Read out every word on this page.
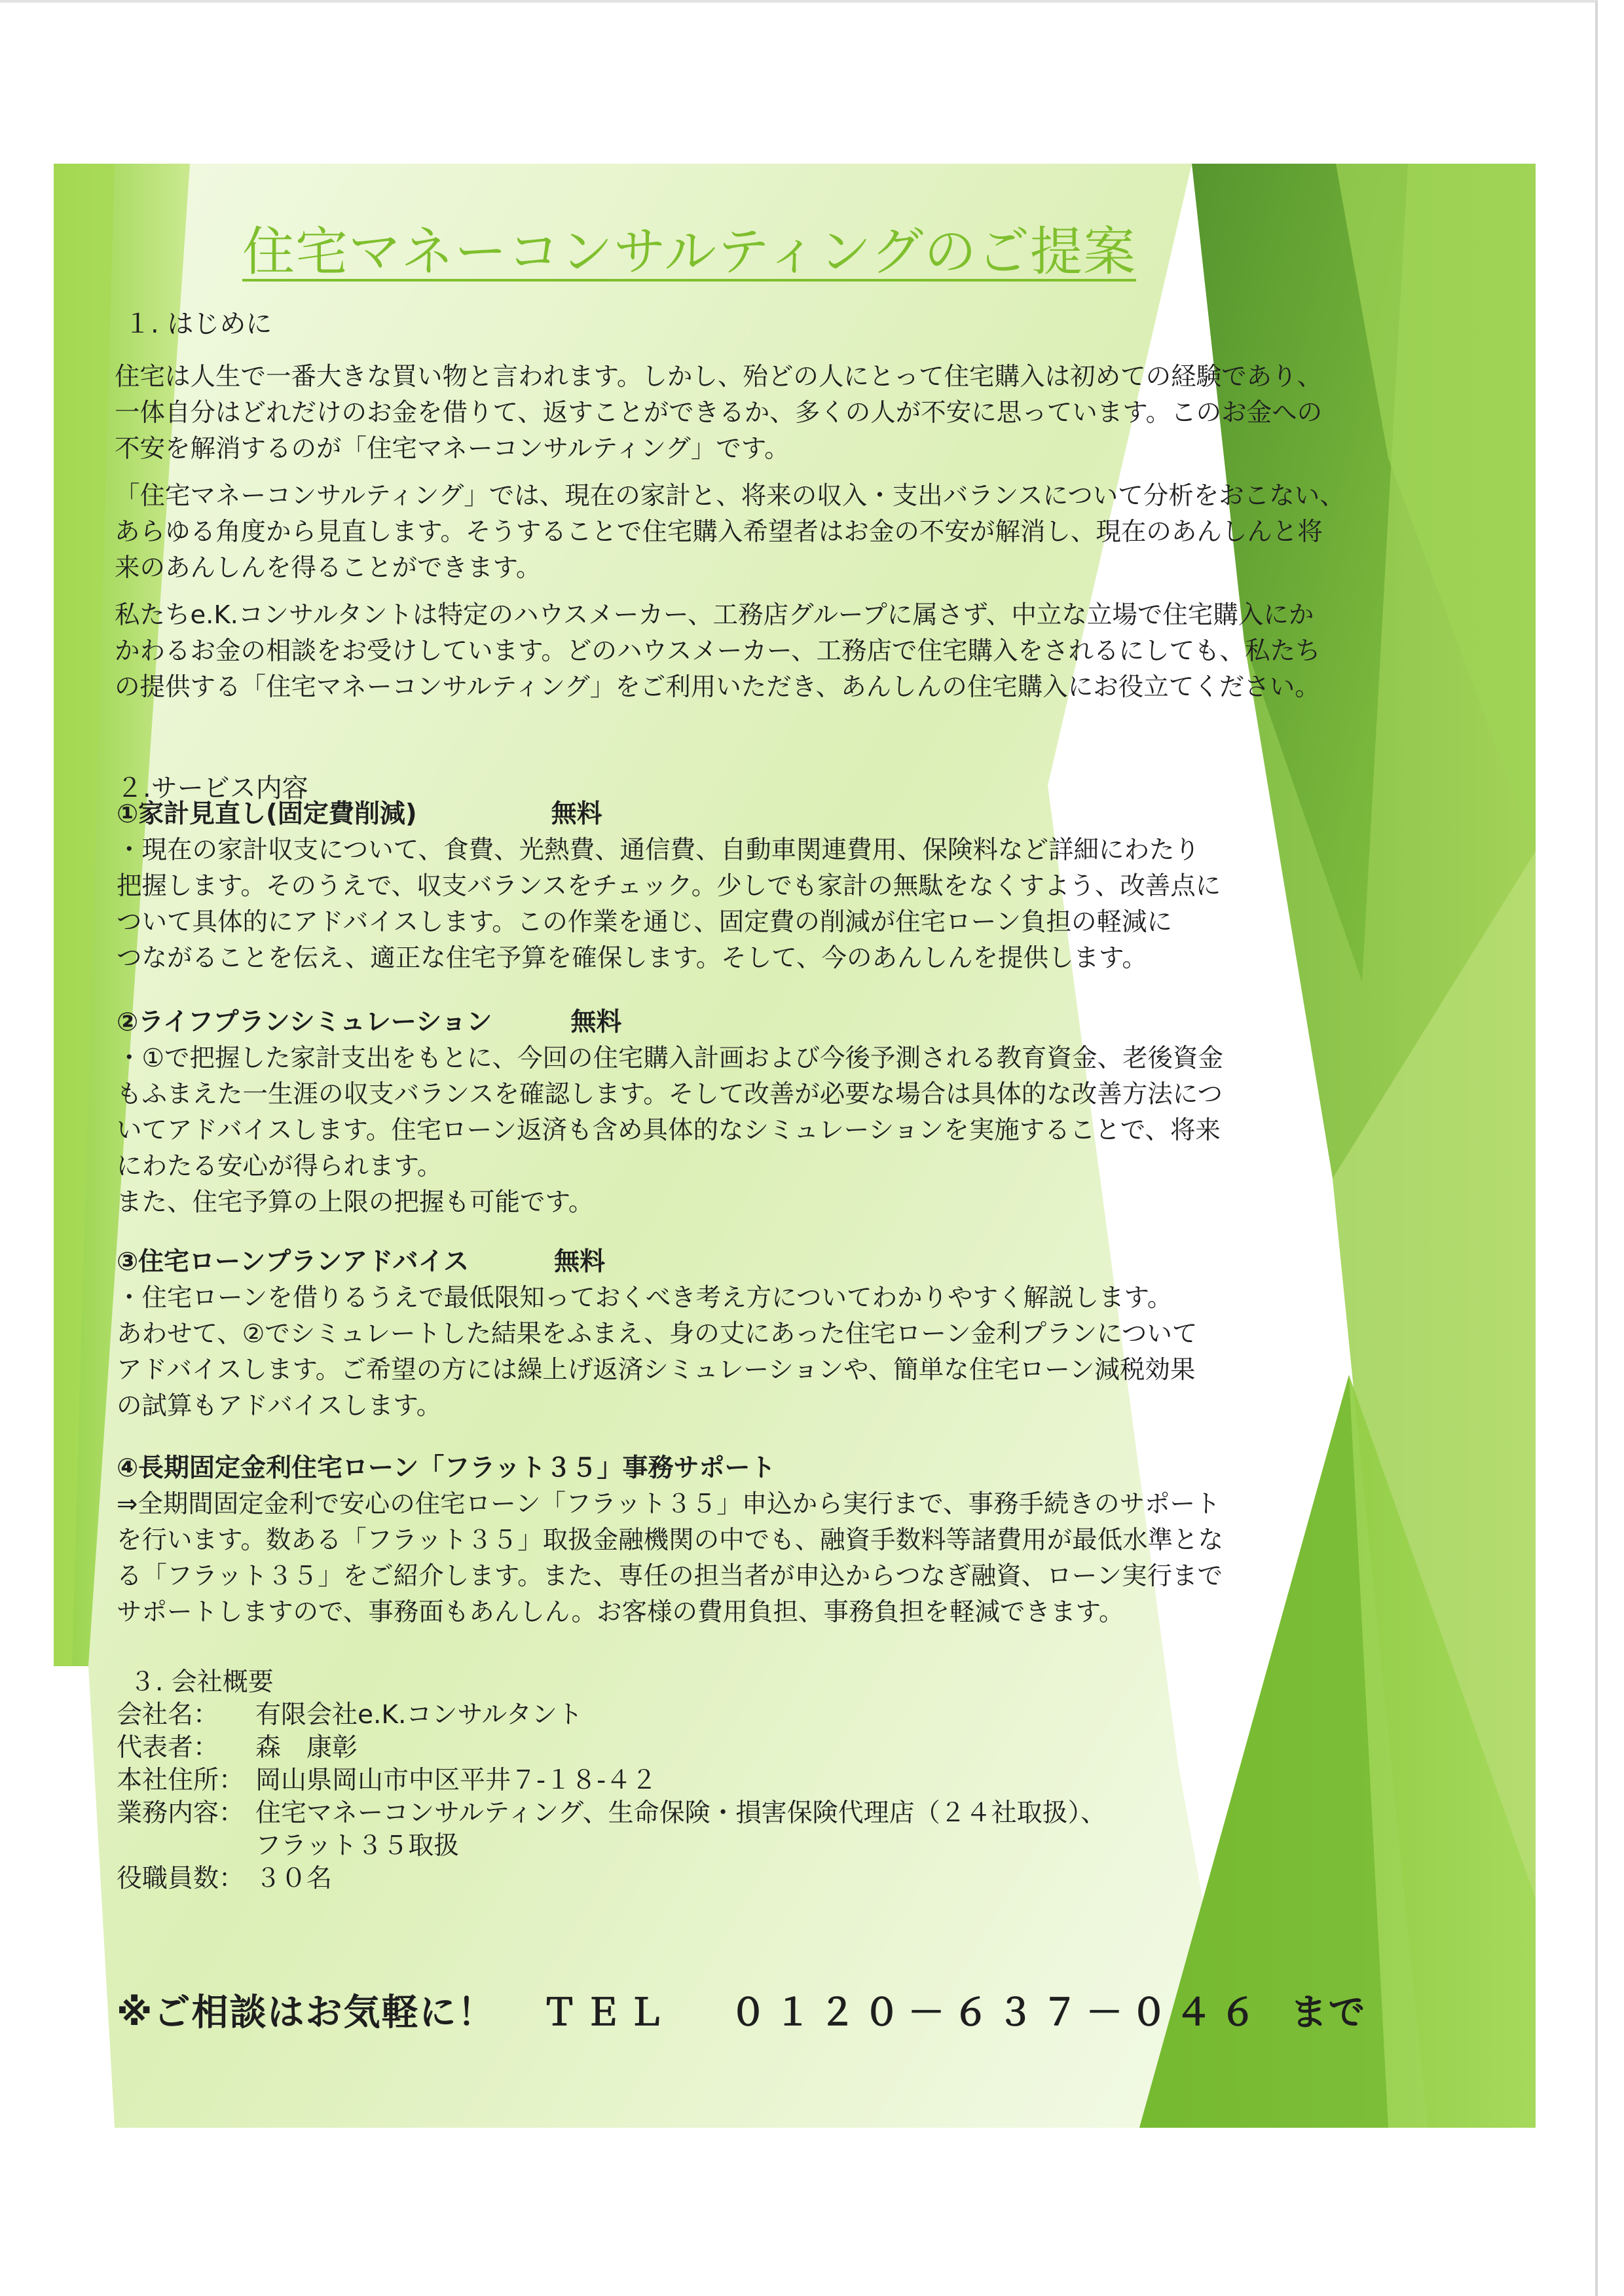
住宅マネーコンサルティングのご提案
１. はじめに

住宅は人生で一番大きな買い物と言われます。しかし、殆どの人にとって住宅購入は初めての経験であり、

一体自分はどれだけのお金を借りて、返すことができるか、多くの人が不安に思っています。このお金への

不安を解消するのが「住宅マネーコンサルティング」です。

「住宅マネーコンサルティング」では、現在の家計と、将来の収入・支出バランスについて分析をおこない、

あらゆる角度から見直します。そうすることで住宅購入希望者はお金の不安が解消し、現在のあんしんと将

来のあんしんを得ることができます。

私たちe.K.コンサルタントは特定のハウスメーカー、工務店グループに属さず、中立な立場で住宅購入にか

かわるお金の相談をお受けしています。どのハウスメーカー、工務店で住宅購入をされるにしても、私たち

の提供する「住宅マネーコンサルティング」をご利用いただき、あんしんの住宅購入にお役立てください。

２.サービス内容
①家計見直し(固定費削減)	無料

・現在の家計収支について、食費、光熱費、通信費、自動車関連費用、保険料など詳細にわたり

把握します。そのうえで、収支バランスをチェック。少しでも家計の無駄をなくすよう、改善点に

ついて具体的にアドバイスします。この作業を通じ、固定費の削減が住宅ローン負担の軽減に

つながることを伝え、適正な住宅予算を確保します。そして、今のあんしんを提供します。

②ライフプランシミュレーション	無料

・①で把握した家計支出をもとに、今回の住宅購入計画および今後予測される教育資金、老後資金

もふまえた一生涯の収支バランスを確認します。そして改善が必要な場合は具体的な改善方法につ

いてアドバイスします。住宅ローン返済も含め具体的なシミュレーションを実施することで、将来

にわたる安心が得られます。

また、住宅予算の上限の把握も可能です。

③住宅ローンプランアドバイス	無料

・住宅ローンを借りるうえで最低限知っておくべき考え方についてわかりやすく解説します。

あわせて、②でシミュレートした結果をふまえ、身の丈にあった住宅ローン金利プランについて

アドバイスします。ご希望の方には繰上げ返済シミュレーションや、簡単な住宅ローン減税効果

の試算もアドバイスします。

④長期固定金利住宅ローン「フラット３５」事務サポート

⇒全期間固定金利で安心の住宅ローン「フラット３５」申込から実行まで、事務手続きのサポート

を行います。数ある「フラット３５」取扱金融機関の中でも、融資手数料等諸費用が最低水準とな

る「フラット３５」をご紹介します。また、専任の担当者が申込からつなぎ融資、ローン実行まで

サポートしますので、事務面もあんしん。お客様の費用負担、事務負担を軽減できます。

３. 会社概要
会社名：	有限会社e.K.コンサルタント
代表者：	森　康彰
本社住所： 岡山県岡山市中区平井７-１８-４２
業務内容： 住宅マネーコンサルティング、生命保険・損害保険代理店（２４社取扱）、
フラット３５取扱
役職員数： ３０名
※ご相談はお気軽に！ ＴＥＬ ０１２０－６３７－０４６ まで
